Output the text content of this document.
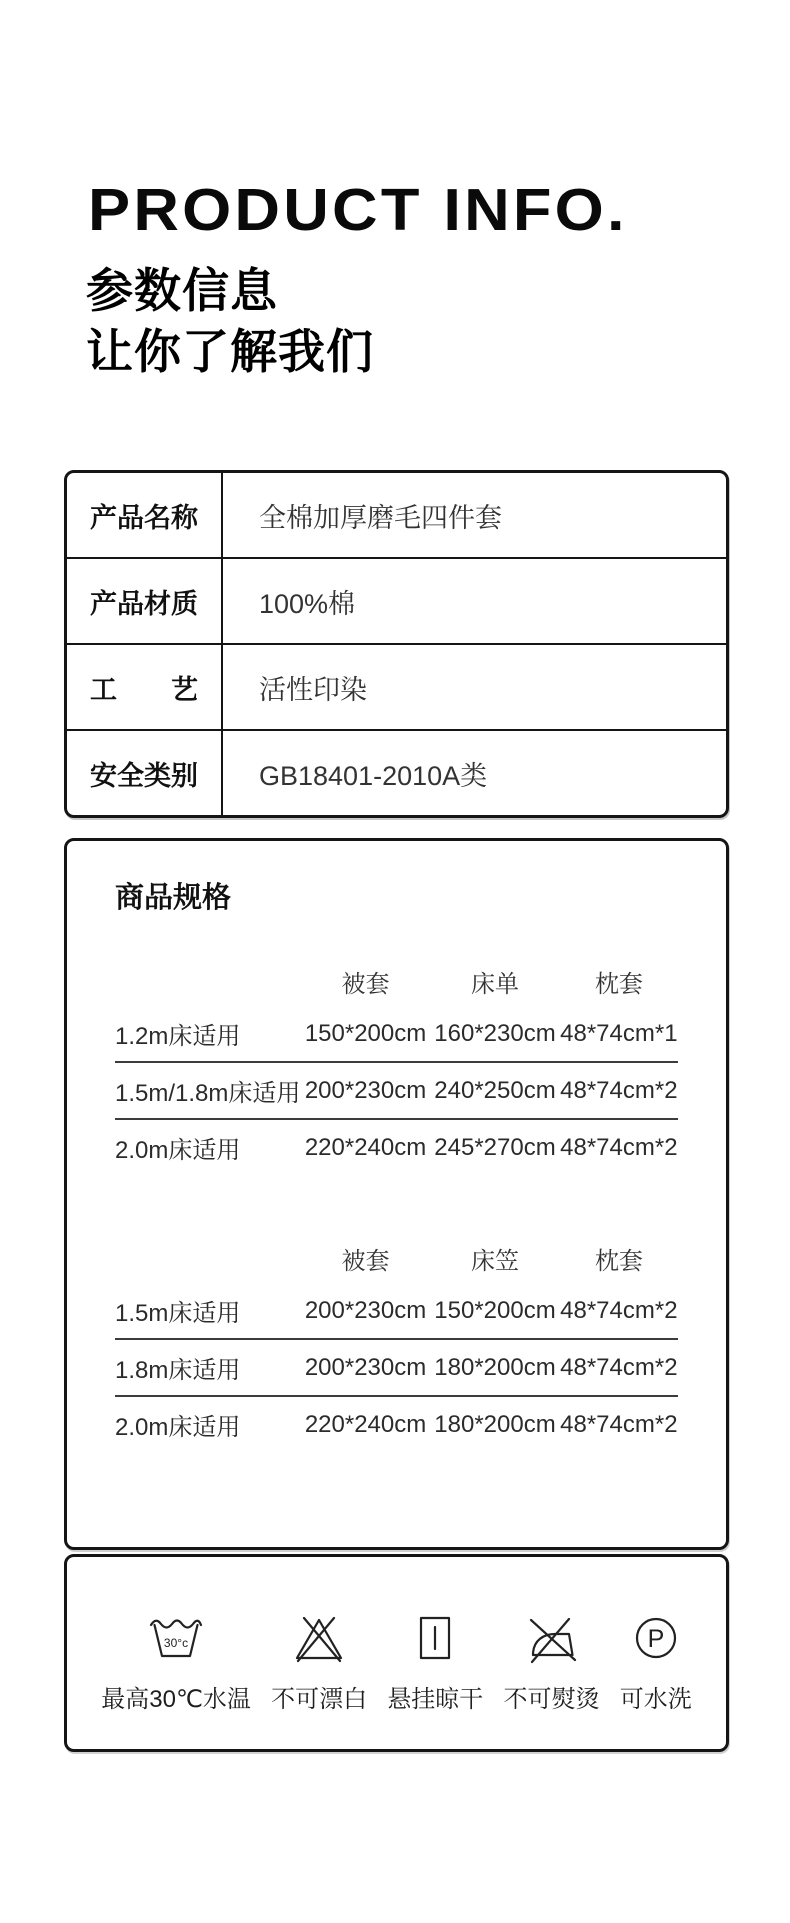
PRODUCT INFO.
参数信息
让你了解我们
产品名称	全棉加厚磨毛四件套
产品材质	100%棉
工　　艺	活性印染
安全类别	GB18401-2010A类
商品规格
被套	床单	枕套
1.2m床适用	150*200cm 160*230cm 48*74cm*1
1.5m/1.8m床适用 200*230cm 240*250cm 48*74cm*2
2.0m床适用	220*240cm 245*270cm 48*74cm*2
被套	床笠	枕套
1.5m床适用	200*230cm 150*200cm 48*74cm*2
1.8m床适用	200*230cm 180*200cm 48*74cm*2
2.0m床适用	220*240cm 180*200cm 48*74cm*2
30°c
最高30℃水温 不可漂白 悬挂晾干 不可熨烫
P
可水洗
